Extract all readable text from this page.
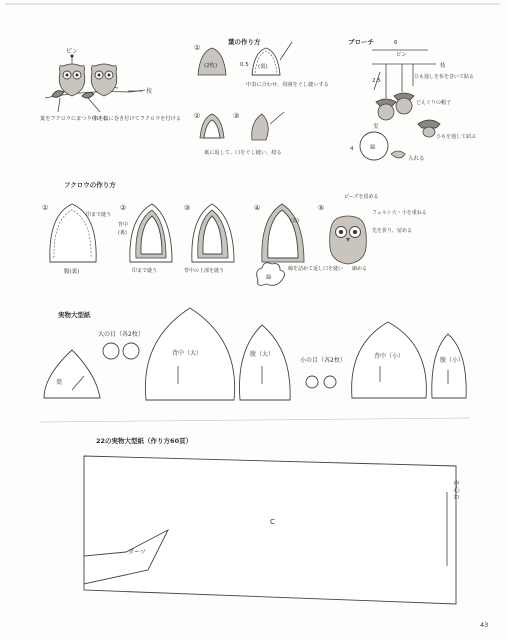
ピン
枝
葉をフクロウにまつり付ける
糸を枝に巻き付けてフクロウを付ける
葉の作り方
①
(2枚)	0.5 (裏)
中表に合わせ、周囲をぐし縫いする
②	③
裏に返して、口をぐし縫い、絞る
ブローチ	6
ピン
枝
2.5
ひも通しを布を巻いて貼る
どんぐりの帽子
実
綿
4
入れる
ひもを通して結ぶ
フクロウの作り方
①
印まで縫う
腹(裏)
②
背中
(裏)
印まで縫う
③
背中の上部を縫う
④
(表)
綿
綿を詰めて返し口を縫い
⑤
ビーズを留める
フェルト大・小を重ねる
先を折り、留める
縮める
実物大型紙
葉
大の目（各2枚）
背中（大）	腹（大）
小の目（各2枚）
背中（小）
腹（小）
22の実物大型紙（作り方60頁）
C
ダーツ
中心わ
43
